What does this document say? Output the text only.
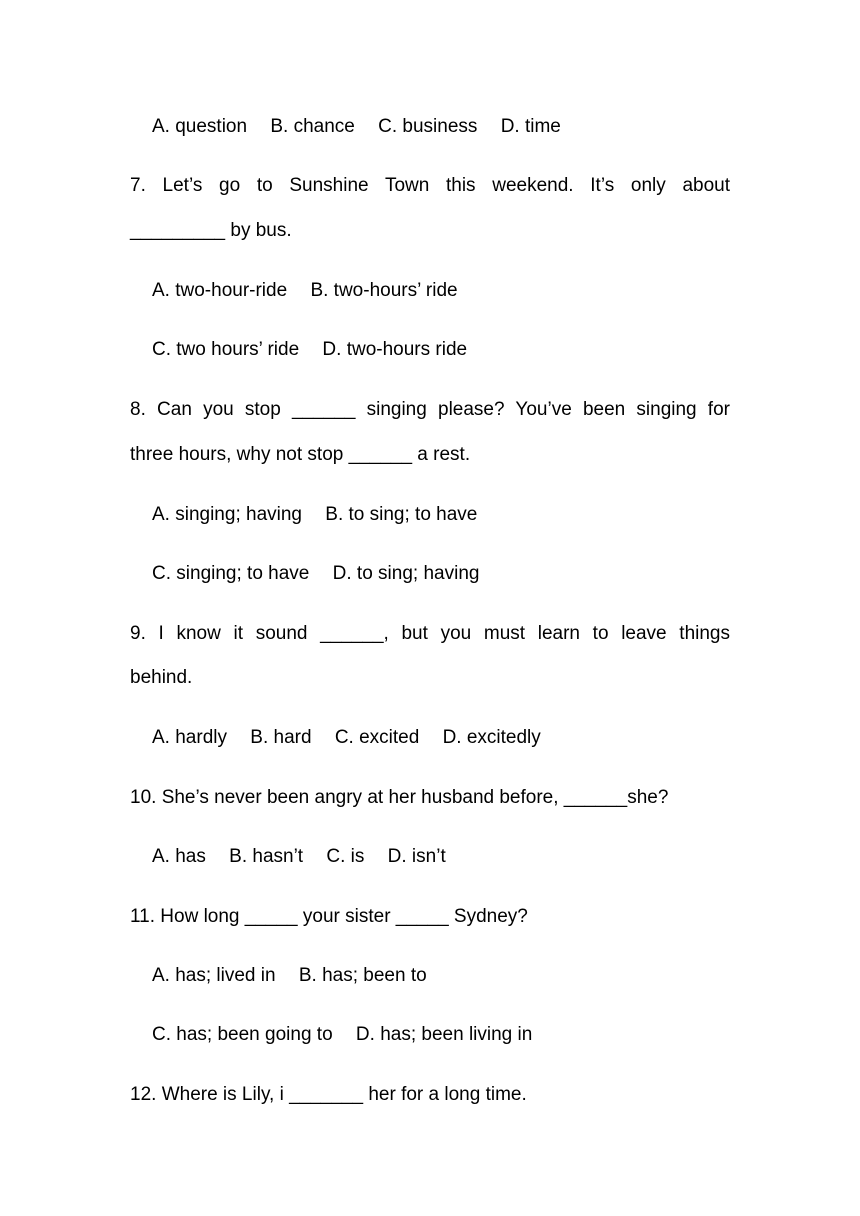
A. question B. chance C. business D. time
7. Let’s go to Sunshine Town this weekend. It’s only about
_________ by bus.
A. two-hour-ride B. two-hours’ ride
C. two hours’ ride D. two-hours ride
8. Can you stop ______ singing please? You’ve been singing for
three hours, why not stop ______ a rest.
A. singing; having B. to sing; to have
C. singing; to have D. to sing; having
9. I know it sound ______, but you must learn to leave things
behind.
A. hardly B. hard C. excited D. excitedly
10. She’s never been angry at her husband before, ______she?
A. has B. hasn’t C. is D. isn’t
11. How long _____ your sister _____ Sydney?
A. has; lived in B. has; been to
C. has; been going to D. has; been living in
12. Where is Lily, i _______ her for a long time.
